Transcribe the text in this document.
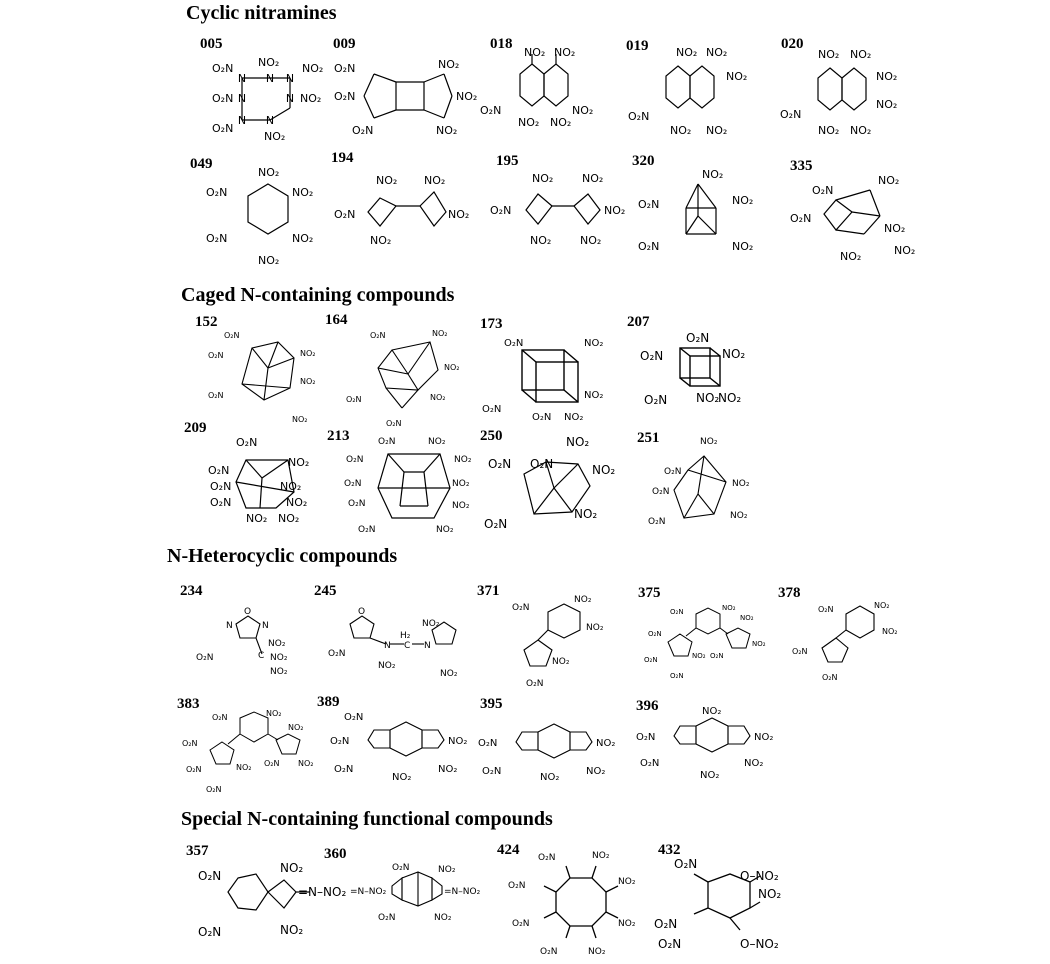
Cyclic nitramines
005	009	018	019	020
049	194	195	320	335
N N N
N
N N
N
O₂N NO₂ NO₂
O₂N	NO₂
O₂N
NO₂
O₂N
O₂N
O₂N
NO₂
NO₂
NO₂
NO₂ NO₂
O₂N	NO₂
NO₂ NO₂
NO₂ NO₂
NO₂
O₂N
NO₂ NO₂
NO₂ NO₂
NO₂
O₂N
NO₂
NO₂ NO₂
NO₂
O₂N	NO₂
O₂N	NO₂
NO₂
NO₂ NO₂
O₂N	NO₂
NO₂
NO₂	NO₂
O₂N	NO₂
NO₂	NO₂
NO₂
O₂N	NO₂
O₂N	NO₂
O₂N
NO₂
O₂N
NO₂
NO₂	NO₂
Caged N-containing compounds
152	164	173	207
209	213	250	251
O₂N
O₂N	NO₂
NO₂
O₂N
NO₂
O₂N	NO₂
NO₂
O₂N	NO₂
O₂N
O₂N	NO₂
O₂N
NO₂
O₂N NO₂
O₂N
O₂N	NO₂
O₂N NO₂
NO₂
O₂N
O₂N
NO₂
O₂N	NO₂
O₂N	NO₂
NO₂ NO₂
O₂N	NO₂
O₂N	NO₂
O₂N	NO₂
O₂N	NO₂
O₂N	NO₂
NO₂
O₂N O₂N	NO₂
NO₂
O₂N
NO₂
O₂N
NO₂
O₂N
NO₂
O₂N
N-Heterocyclic compounds
234	245	371	375	378
383	389	395	396
O
N	N
O₂N	C
NO₂
NO₂
NO₂
O
O₂N
N
H₂
C N
NO₂
NO₂
NO₂
O₂N
NO₂
NO₂
NO₂
O₂N
O₂N	NO₂
NO₂
O₂N
NO₂
O₂N	NO₂ O₂N
O₂N
O₂N	NO₂
NO₂
O₂N
O₂N
O₂N	NO₂
NO₂
O₂N
O₂N	NO₂ O₂N NO₂
O₂N
O₂N
O₂N	NO₂
O₂N	NO₂
NO₂
O₂N	NO₂
O₂N	NO₂
NO₂
NO₂
O₂N	NO₂
O₂N	NO₂
NO₂
Special N-containing functional compounds
357	360	424	432
O₂N
NO₂
=N–NO₂
O₂N	NO₂
O₂N	NO₂
=N–NO₂	=N–NO₂
O₂N	NO₂
O₂N	NO₂
O₂N	NO₂
O₂N	NO₂
O₂N	NO₂
O₂N
O–NO₂
NO₂
O₂N
O₂N	O–NO₂
